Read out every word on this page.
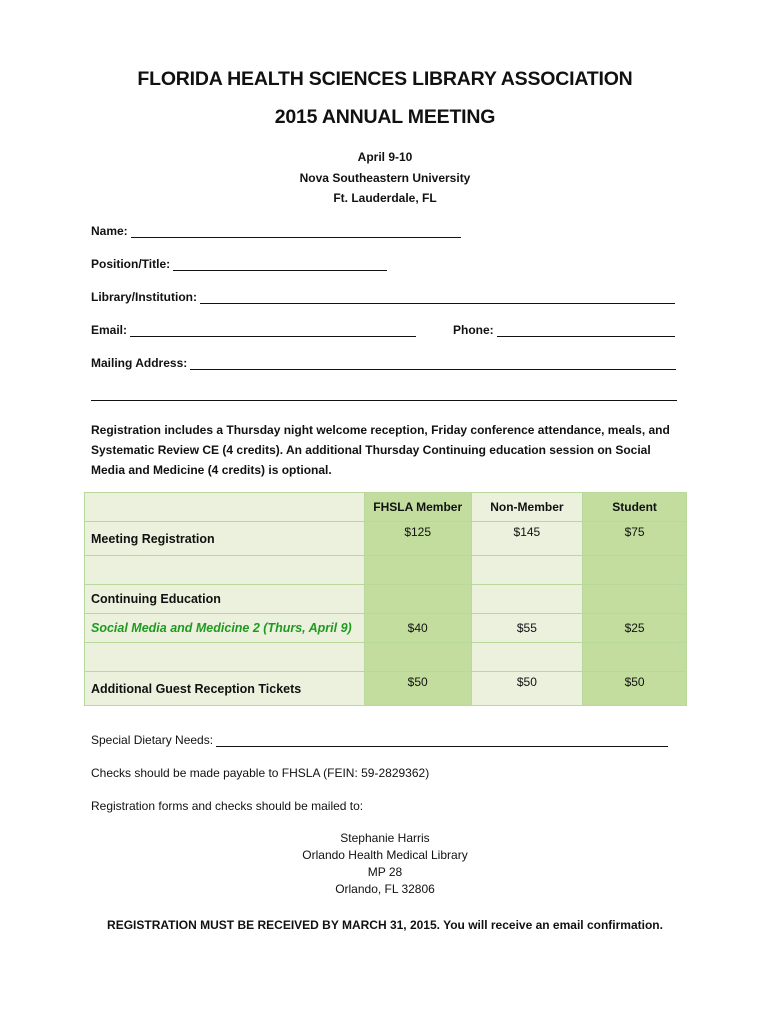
FLORIDA HEALTH SCIENCES LIBRARY ASSOCIATION
2015 ANNUAL MEETING
April 9-10
Nova Southeastern University
Ft. Lauderdale, FL
Name:
Position/Title:
Library/Institution:
Email:	Phone:
Mailing Address:
Registration includes a Thursday night welcome reception, Friday conference attendance, meals, and Systematic Review CE (4 credits). An additional Thursday Continuing education session on Social Media and Medicine (4 credits) is optional.
	FHSLA Member	Non-Member	Student
Meeting Registration	$125	$145	$75

Continuing Education			
Social Media and Medicine 2 (Thurs, April 9)	$40	$55	$25

Additional Guest Reception Tickets	$50	$50	$50
Special Dietary Needs:
Checks should be made payable to FHSLA (FEIN: 59-2829362)
Registration forms and checks should be mailed to:
Stephanie Harris
Orlando Health Medical Library
MP 28
Orlando, FL 32806
REGISTRATION MUST BE RECEIVED BY MARCH 31, 2015. You will receive an email confirmation.
